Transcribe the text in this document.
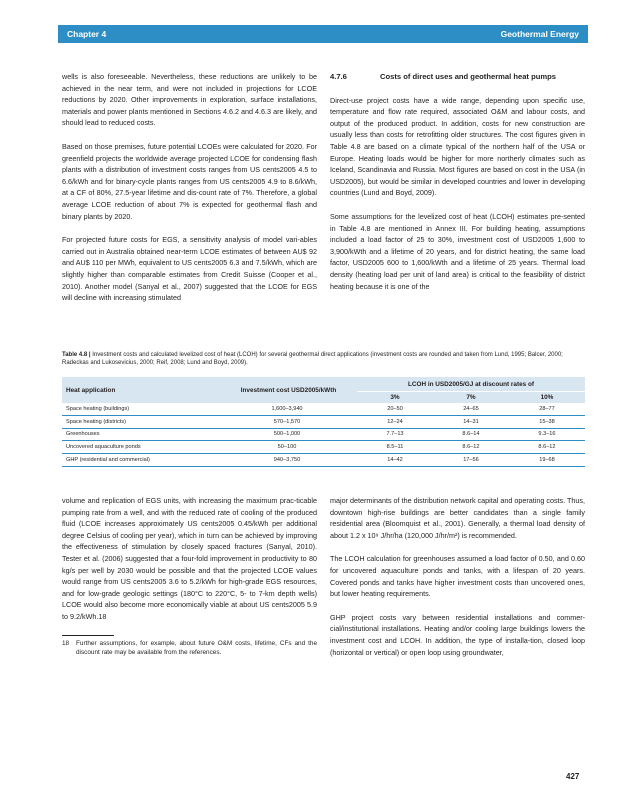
Chapter 4	Geothermal Energy

wells is also foreseeable. Nevertheless, these reductions are unlikely to be achieved in the near term, and were not included in projections for LCOE reductions by 2020. Other improvements in exploration, surface installations, materials and power plants mentioned in Sections 4.6.2 and 4.6.3 are likely, and should lead to reduced costs.

Based on those premises, future potential LCOEs were calculated for 2020. For greenfield projects the worldwide average projected LCOE for condensing flash plants with a distribution of investment costs ranges from US cents2005 4.5 to 6.6/kWh and for binary-cycle plants ranges from US cents2005 4.9 to 8.6/kWh, at a CF of 80%, 27.5-year lifetime and dis-count rate of 7%. Therefore, a global average LCOE reduction of about 7% is expected for geothermal flash and binary plants by 2020.

For projected future costs for EGS, a sensitivity analysis of model vari-ables carried out in Australia obtained near-term LCOE estimates of between AU$ 92 and AU$ 110 per MWh, equivalent to US cents2005 6.3 and 7.5/kWh, which are slightly higher than comparable estimates from Credit Suisse (Cooper et al., 2010). Another model (Sanyal et al., 2007) suggested that the LCOE for EGS will decline with increasing stimulated

4.7.6	Costs of direct uses and geothermal heat pumps

Direct-use project costs have a wide range, depending upon specific use, temperature and flow rate required, associated O&M and labour costs, and output of the produced product. In addition, costs for new construction are usually less than costs for retrofitting older structures. The cost figures given in Table 4.8 are based on a climate typical of the northern half of the USA or Europe. Heating loads would be higher for more northerly climates such as Iceland, Scandinavia and Russia. Most figures are based on cost in the USA (in USD2005), but would be similar in developed countries and lower in developing countries (Lund and Boyd, 2009).

Some assumptions for the levelized cost of heat (LCOH) estimates pre-sented in Table 4.8 are mentioned in Annex III. For building heating, assumptions included a load factor of 25 to 30%, investment cost of USD2005 1,600 to 3,900/kWth and a lifetime of 20 years, and for district heating, the same load factor, USD2005 600 to 1,600/kWth and a lifetime of 25 years. Thermal load density (heating load per unit of land area) is critical to the feasibility of district heating because it is one of the

Table 4.8 | Investment costs and calculated levelized cost of heat (LCOH) for several geothermal direct applications (investment costs are rounded and taken from Lund, 1995; Balcer, 2000; Radeckas and Lukosevicius, 2000; Reif, 2008; Lund and Boyd, 2009).
Heat application	Investment cost USD2005/kWth	LCOH in USD2005/GJ at discount rates of		
		3%	7%	10%
Space heating (buildings)	1,600–3,940	20–50	24–65	28–77
Space heating (districts)	570–1,570	12–24	14–31	15–38
Greenhouses	500–1,000	7.7–13	8.6–14	9.3–16
Uncovered aquaculture ponds	50–100	8.5–11	8.6–12	8.6–12
GHP (residential and commercial)	940–3,750	14–42	17–56	19–68

volume and replication of EGS units, with increasing the maximum prac-ticable pumping rate from a well, and with the reduced rate of cooling of the produced fluid (LCOE increases approximately US cents2005 0.45/kWh per additional degree Celsius of cooling per year), which in turn can be achieved by improving the effectiveness of stimulation by closely spaced fractures (Sanyal, 2010). Tester et al. (2006) suggested that a four-fold improvement in productivity to 80 kg/s per well by 2030 would be possible and that the projected LCOE values would range from US cents2005 3.6 to 5.2/kWh for high-grade EGS resources, and for low-grade geologic settings (180°C to 220°C, 5- to 7-km depth wells) LCOE would also become more economically viable at about US cents2005 5.9 to 9.2/kWh.18

18	Further assumptions, for example, about future O&M costs, lifetime, CFs and the discount rate may be available from the references.

major determinants of the distribution network capital and operating costs. Thus, downtown high-rise buildings are better candidates than a single family residential area (Bloomquist et al., 2001). Generally, a thermal load density of about 1.2 x 10⁹ J/hr/ha (120,000 J/hr/m²) is recommended.

The LCOH calculation for greenhouses assumed a load factor of 0.50, and 0.60 for uncovered aquaculture ponds and tanks, with a lifespan of 20 years. Covered ponds and tanks have higher investment costs than uncovered ones, but lower heating requirements.

GHP project costs vary between residential installations and commer-cial/institutional installations. Heating and/or cooling large buildings lowers the investment cost and LCOH. In addition, the type of installa-tion, closed loop (horizontal or vertical) or open loop using groundwater,

427
